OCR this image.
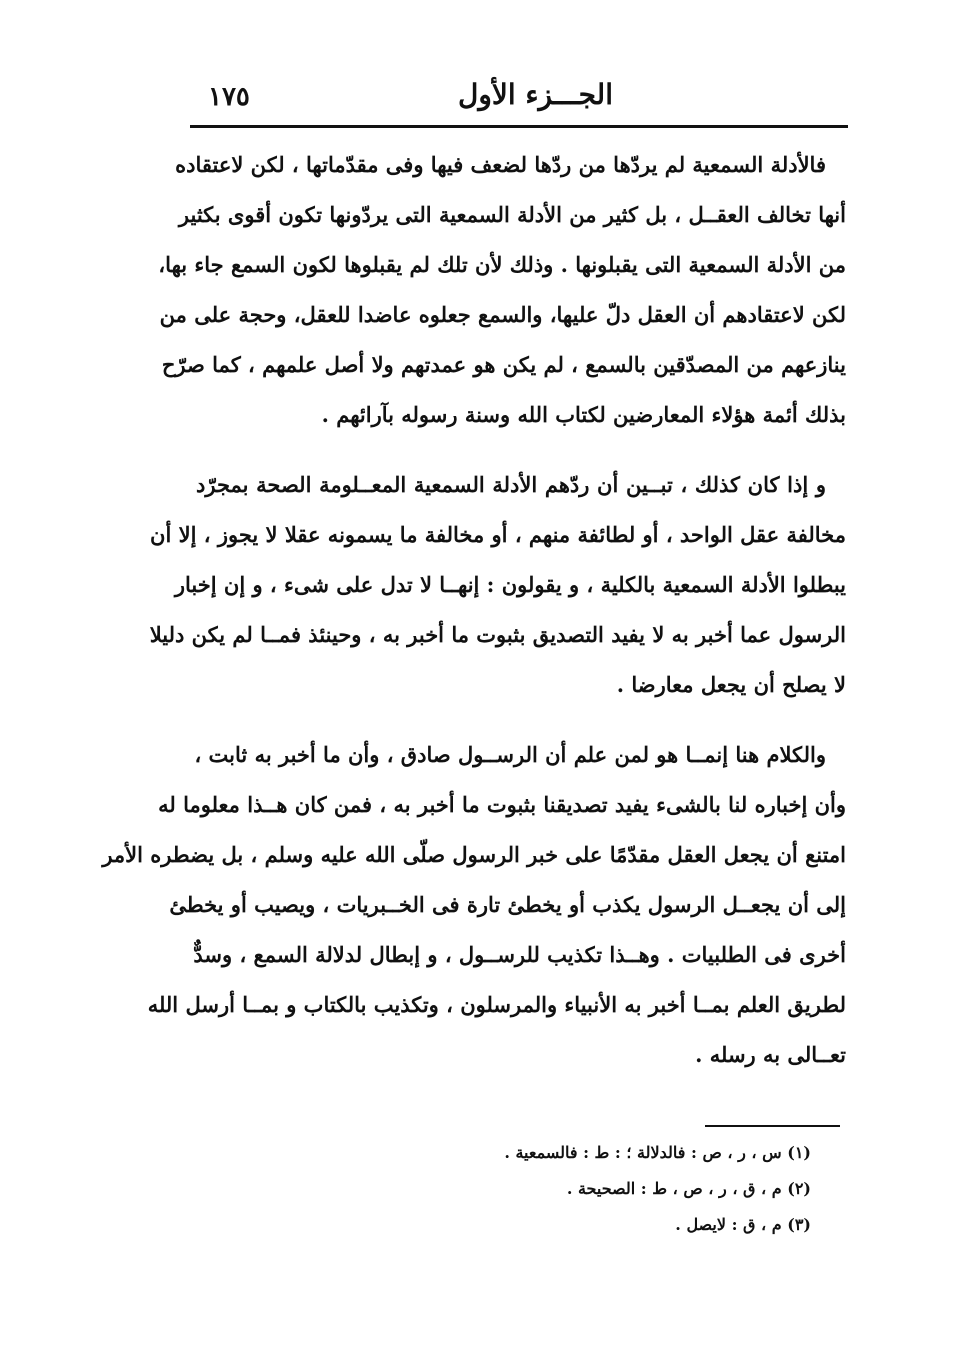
١٧٥	الجـــزء الأول
فالأدلة السمعية لم يردّها من ردّها لضعف فيها وفى مقدّماتها ، لكن لاعتقاده
أنها تخالف العقــل ، بل كثير من الأدلة السمعية التى يردّونها تكون أقوى بكثير
من الأدلة السمعية التى يقبلونها . وذلك لأن تلك لم يقبلوها لكون السمع جاء بها،
لكن لاعتقادهم أن العقل دلّ عليها، والسمع جعلوه عاضدا للعقل، وحجة على من
ينازعهم من المصدّقين بالسمع ، لم يكن هو عمدتهم ولا أصل علمهم ، كما صرّح
بذلك أئمة هؤلاء المعارضين لكتاب الله وسنة رسوله بآرائهم .
و إذا كان كذلك ، تبــين أن ردّهم الأدلة السمعية المعــلومة الصحة بمجرّد
مخالفة عقل الواحد ، أو لطائفة منهم ، أو مخالفة ما يسمونه عقلا لا يجوز ، إلا أن
يبطلوا الأدلة السمعية بالكلية ، و يقولون : إنهــا لا تدل على شىء ، و إن إخبار
الرسول عما أخبر به لا يفيد التصديق بثبوت ما أخبر به ، وحينئذ فمــا لم يكن دليلا
لا يصلح أن يجعل معارضا .
والكلام هنا إنمــا هو لمن علم أن الرســول صادق ، وأن ما أخبر به ثابت ،
وأن إخباره لنا بالشىء يفيد تصديقنا بثبوت ما أخبر به ، فمن كان هــذا معلوما له
امتنع أن يجعل العقل مقدّمًا على خبر الرسول صلّى الله عليه وسلم ، بل يضطره الأمر
إلى أن يجعــل الرسول يكذب أو يخطئ تارة فى الخــبريات ، ويصيب أو يخطئ
أخرى فى الطلبيات . وهــذا تكذيب للرســول ، و إبطال لدلالة السمع ، وسدٌّ
لطريق العلم بمــا أخبر به الأنبياء والمرسلون ، وتكذيب بالكتاب و بمــا أرسل الله
تعــالى به رسله .
(١) س ، ر ، ص : فالدلالة ؛ : ط : فالسمعية .
(٢) م ، ق ، ر ، ص ، ط : الصحيحة .
(٣) م ، ق : لايصل .
